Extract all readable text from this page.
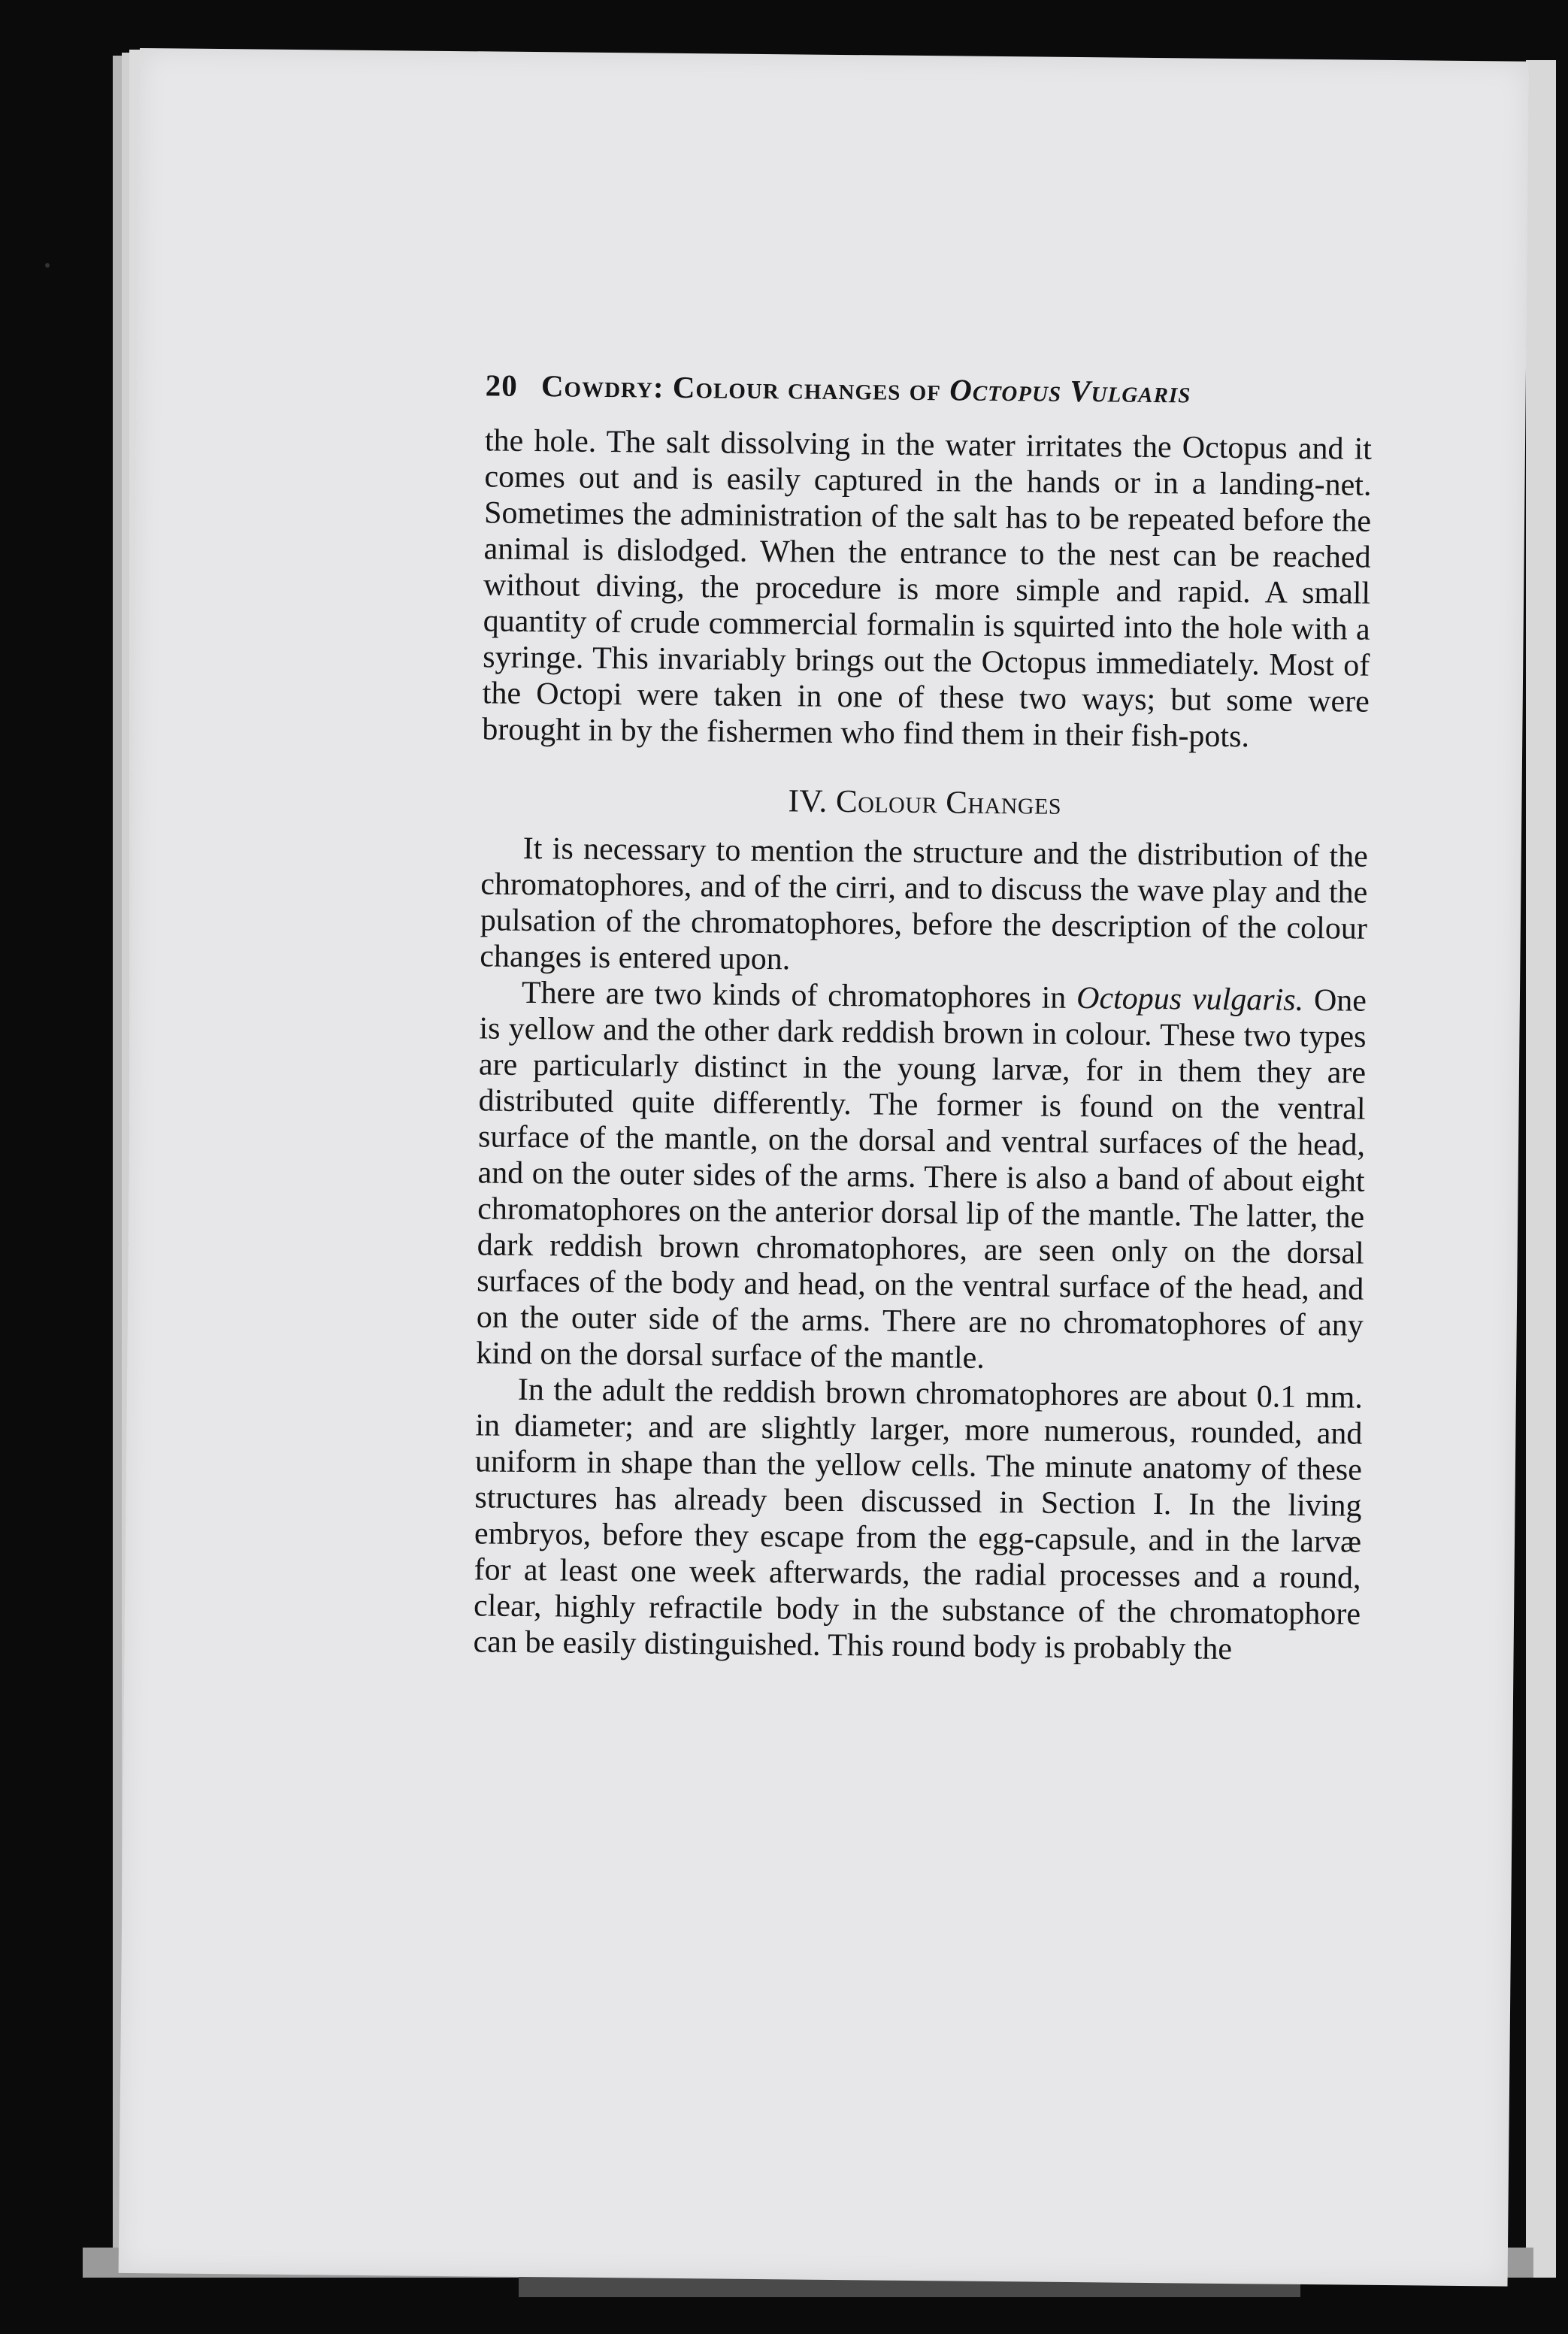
20 Cowdry: Colour changes of Octopus Vulgaris

the hole. The salt dissolving in the water irritates the Octopus and it comes out and is easily captured in the hands or in a landing-net. Sometimes the administration of the salt has to be repeated before the animal is dislodged. When the entrance to the nest can be reached without diving, the procedure is more simple and rapid. A small quantity of crude commercial formalin is squirted into the hole with a syringe. This invariably brings out the Octopus immediately. Most of the Octopi were taken in one of these two ways; but some were brought in by the fishermen who find them in their fish-pots.

IV. Colour Changes

It is necessary to mention the structure and the distribution of the chromatophores, and of the cirri, and to discuss the wave play and the pulsation of the chromatophores, before the description of the colour changes is entered upon.

There are two kinds of chromatophores in Octopus vulgaris. One is yellow and the other dark reddish brown in colour. These two types are particularly distinct in the young larvæ, for in them they are distributed quite differently. The former is found on the ventral surface of the mantle, on the dorsal and ventral surfaces of the head, and on the outer sides of the arms. There is also a band of about eight chromatophores on the anterior dorsal lip of the mantle. The latter, the dark reddish brown chromatophores, are seen only on the dorsal surfaces of the body and head, on the ventral surface of the head, and on the outer side of the arms. There are no chromatophores of any kind on the dorsal surface of the mantle.

In the adult the reddish brown chromatophores are about 0.1 mm. in diameter; and are slightly larger, more numerous, rounded, and uniform in shape than the yellow cells. The minute anatomy of these structures has already been discussed in Section I. In the living embryos, before they escape from the egg-capsule, and in the larvæ for at least one week afterwards, the radial processes and a round, clear, highly refractile body in the substance of the chromatophore can be easily distinguished. This round body is probably the
